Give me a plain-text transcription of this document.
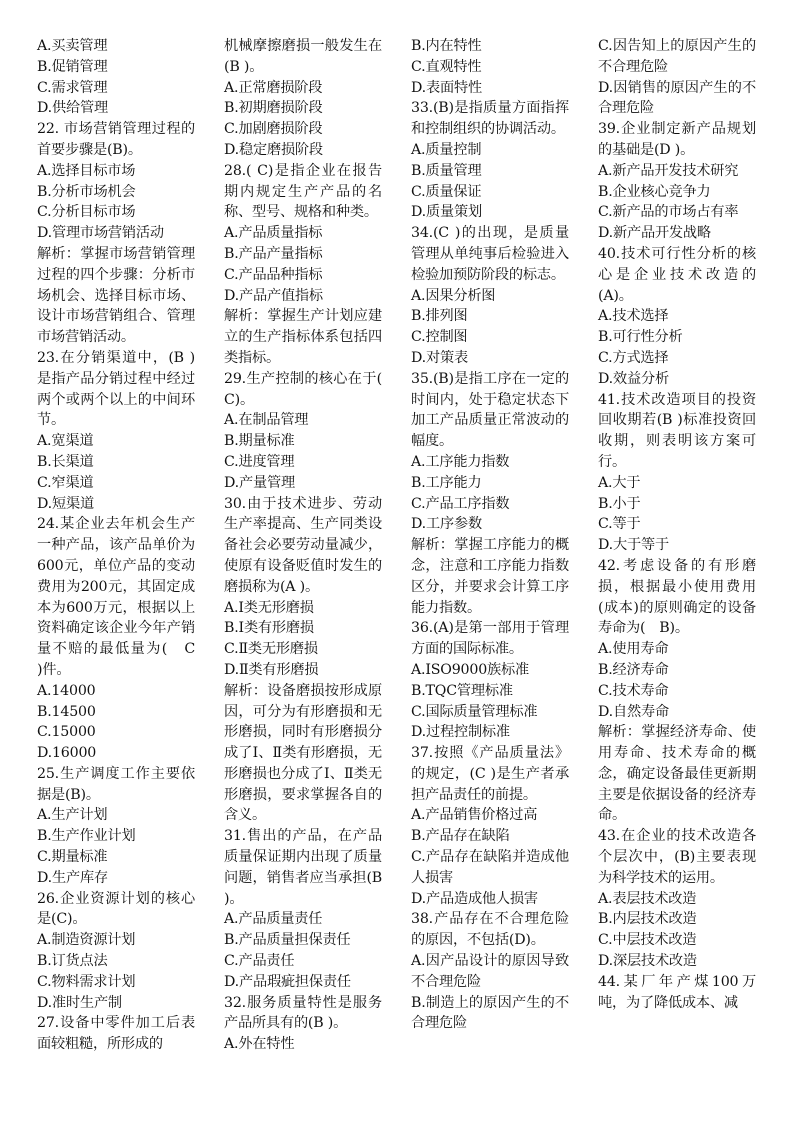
A.买卖管理

B.促销管理

C.需求管理

D.供给管理

22. 市场营销管理过程的首要步骤是(B)。

A.选择目标市场

B.分析市场机会

C.分析目标市场

D.管理市场营销活动

解析：掌握市场营销管理过程的四个步骤：分析市场机会、选择目标市场、设计市场营销组合、管理市场营销活动。

23.在分销渠道中，(B )是指产品分销过程中经过两个或两个以上的中间环节。

A.宽渠道

B.长渠道

C.窄渠道

D.短渠道

24.某企业去年机会生产一种产品，该产品单价为600元，单位产品的变动费用为200元，其固定成本为600万元，根据以上资料确定该企业今年产销量不赔的最低量为(　C　)件。

A.14000

B.14500

C.15000

D.16000

25.生产调度工作主要依据是(B)。

A.生产计划

B.生产作业计划

C.期量标准

D.生产库存

26.企业资源计划的核心是(C)。

A.制造资源计划

B.订货点法

C.物料需求计划

D.准时生产制

27.设备中零件加工后表面较粗糙，所形成的

机械摩擦磨损一般发生在(B )。

A.正常磨损阶段

B.初期磨损阶段

C.加剧磨损阶段

D.稳定磨损阶段

28.( C)是指企业在报告期内规定生产产品的名称、型号、规格和种类。

A.产品质量指标

B.产品产量指标

C.产品品种指标

D.产品产值指标

解析：掌握生产计划应建立的生产指标体系包括四类指标。

29.生产控制的核心在于( C)。

A.在制品管理

B.期量标准

C.进度管理

D.产量管理

30.由于技术进步、劳动生产率提高、生产同类设备社会必要劳动量减少，使原有设备贬值时发生的磨损称为(A )。

A.Ⅰ类无形磨损

B.Ⅰ类有形磨损

C.Ⅱ类无形磨损

D.Ⅱ类有形磨损

解析：设备磨损按形成原因，可分为有形磨损和无形磨损，同时有形磨损分成了Ⅰ、Ⅱ类有形磨损，无形磨损也分成了Ⅰ、Ⅱ类无形磨损，要求掌握各自的含义。

31.售出的产品，在产品质量保证期内出现了质量问题，销售者应当承担(B )。

A.产品质量责任

B.产品质量担保责任

C.产品责任

D.产品瑕疵担保责任

32.服务质量特性是服务产品所具有的(B )。

A.外在特性

B.内在特性

C.直观特性

D.表面特性

33.(B)是指质量方面指挥和控制组织的协调活动。

A.质量控制

B.质量管理

C.质量保证

D.质量策划

34.(C )的出现，是质量管理从单纯事后检验进入检验加预防阶段的标志。

A.因果分析图

B.排列图

C.控制图

D.对策表

35.(B)是指工序在一定的时间内，处于稳定状态下加工产品质量正常波动的幅度。

A.工序能力指数

B.工序能力

C.产品工序指数

D.工序参数

解析：掌握工序能力的概念，注意和工序能力指数区分，并要求会计算工序能力指数。

36.(A)是第一部用于管理方面的国际标准。

A.ISO9000族标准

B.TQC管理标准

C.国际质量管理标准

D.过程控制标准

37.按照《产品质量法》的规定，(C )是生产者承担产品责任的前提。

A.产品销售价格过高

B.产品存在缺陷

C.产品存在缺陷并造成他人损害

D.产品造成他人损害

38.产品存在不合理危险的原因，不包括(D)。

A.因产品设计的原因导致不合理危险

B.制造上的原因产生的不合理危险

C.因告知上的原因产生的不合理危险

D.因销售的原因产生的不合理危险

39.企业制定新产品规划的基础是(D )。

A.新产品开发技术研究

B.企业核心竞争力

C.新产品的市场占有率

D.新产品开发战略

40.技术可行性分析的核心是企业技术改造的(A)。

A.技术选择

B.可行性分析

C.方式选择

D.效益分析

41.技术改造项目的投资回收期若(B )标准投资回收期，则表明该方案可行。

A.大于

B.小于

C.等于

D.大于等于

42.考虑设备的有形磨损，根据最小使用费用(成本)的原则确定的设备寿命为(　B)。

A.使用寿命

B.经济寿命

C.技术寿命

D.自然寿命

解析：掌握经济寿命、使用寿命、技术寿命的概念，确定设备最佳更新期主要是依据设备的经济寿命。

43.在企业的技术改造各个层次中，(B)主要表现为科学技术的运用。

A.表层技术改造

B.内层技术改造

C.中层技术改造

D.深层技术改造

44.某厂年产煤100万吨，为了降低成本、减
